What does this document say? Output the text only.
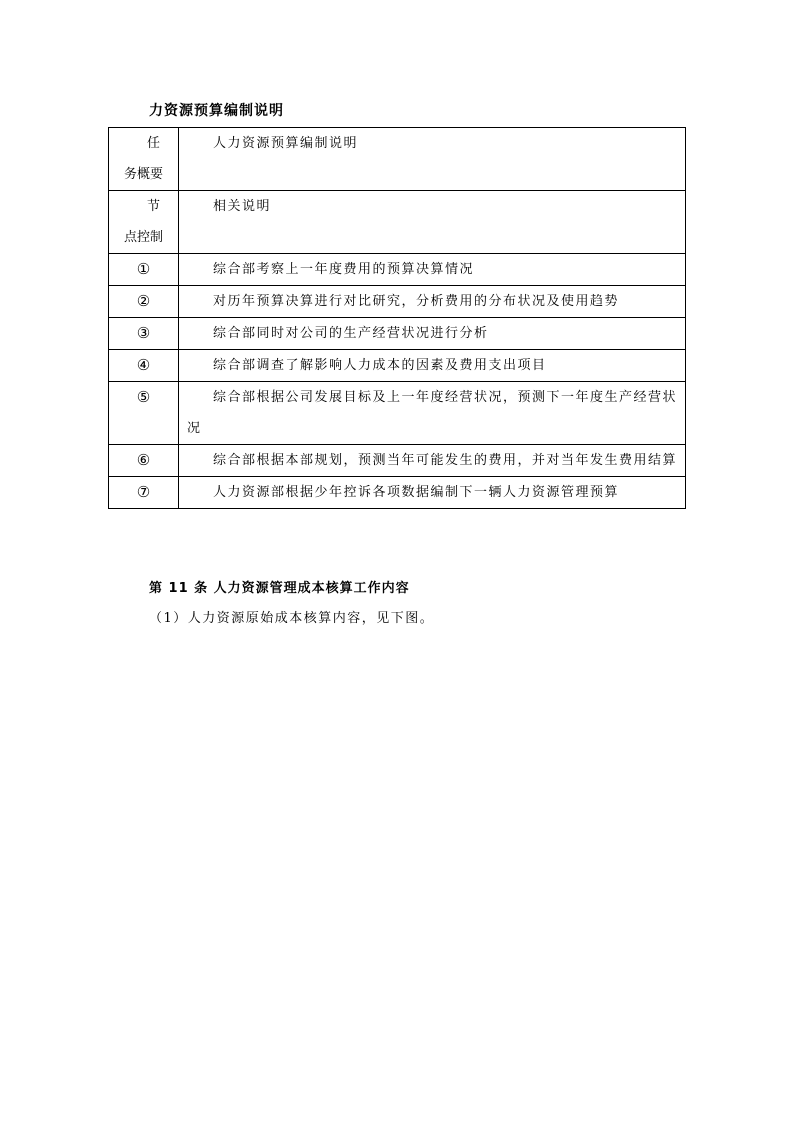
力资源预算编制说明
任
务概要	人力资源预算编制说明

节
点控制	相关说明
①	综合部考察上一年度费用的预算决算情况
②	对历年预算决算进行对比研究，分析费用的分布状况及使用趋势
③	综合部同时对公司的生产经营状况进行分析
④	综合部调查了解影响人力成本的因素及费用支出项目
⑤	综合部根据公司发展目标及上一年度经营状况，预测下一年度生产经营状况
⑥	综合部根据本部规划，预测当年可能发生的费用，并对当年发生费用结算
⑦	人力资源部根据少年控诉各项数据编制下一辆人力资源管理预算
第 11 条 人力资源管理成本核算工作内容
（1）人力资源原始成本核算内容，见下图。
